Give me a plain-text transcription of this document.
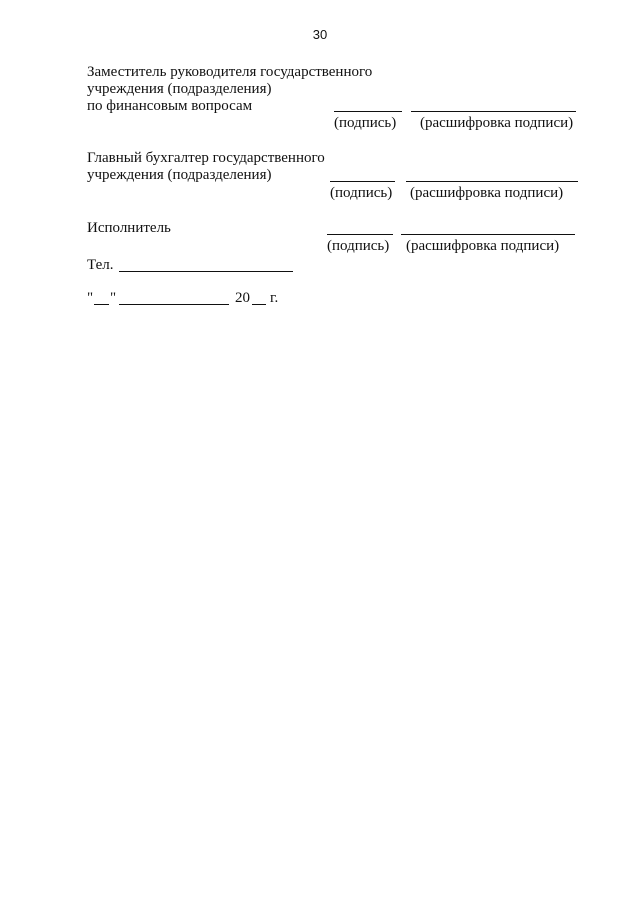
30
Заместитель руководителя государственного
учреждения (подразделения)
по финансовым вопросам
(подпись) (расшифровка подписи)
Главный бухгалтер государственного
учреждения (подразделения)
(подпись) (расшифровка подписи)
Исполнитель
(подпись) (расшифровка подписи)
Тел.
" "	20 г.
